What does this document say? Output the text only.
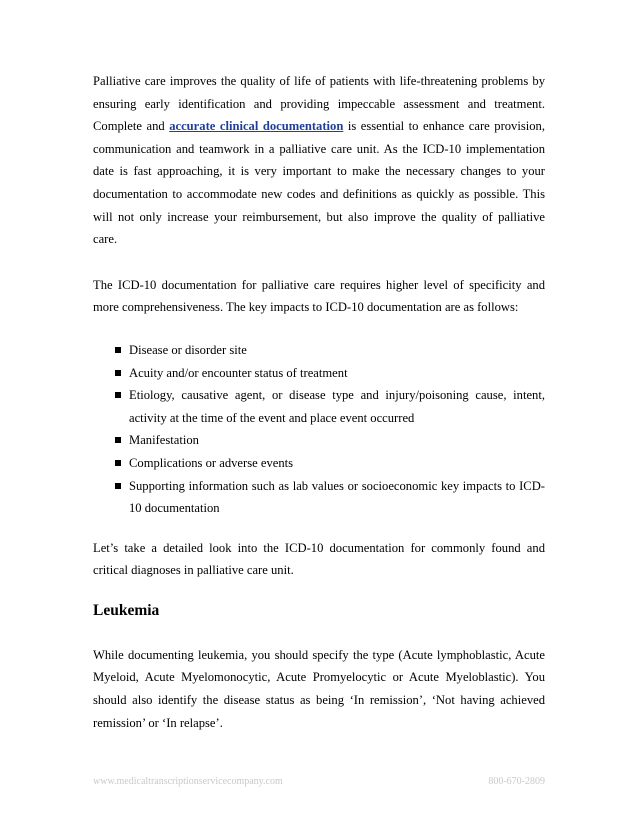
Palliative care improves the quality of life of patients with life-threatening problems by ensuring early identification and providing impeccable assessment and treatment. Complete and accurate clinical documentation is essential to enhance care provision, communication and teamwork in a palliative care unit. As the ICD-10 implementation date is fast approaching, it is very important to make the necessary changes to your documentation to accommodate new codes and definitions as quickly as possible. This will not only increase your reimbursement, but also improve the quality of palliative care.

The ICD-10 documentation for palliative care requires higher level of specificity and more comprehensiveness. The key impacts to ICD-10 documentation are as follows:

Disease or disorder site
Acuity and/or encounter status of treatment
Etiology, causative agent, or disease type and injury/poisoning cause, intent, activity at the time of the event and place event occurred
Manifestation
Complications or adverse events
Supporting information such as lab values or socioeconomic key impacts to ICD-10 documentation

Let’s take a detailed look into the ICD-10 documentation for commonly found and critical diagnoses in palliative care unit.

Leukemia

While documenting leukemia, you should specify the type (Acute lymphoblastic, Acute Myeloid, Acute Myelomonocytic, Acute Promyelocytic or Acute Myeloblastic). You should also identify the disease status as being ‘In remission’, ‘Not having achieved remission’ or ‘In relapse’.

www.medicaltranscriptionservicecompany.com	800-670-2809
